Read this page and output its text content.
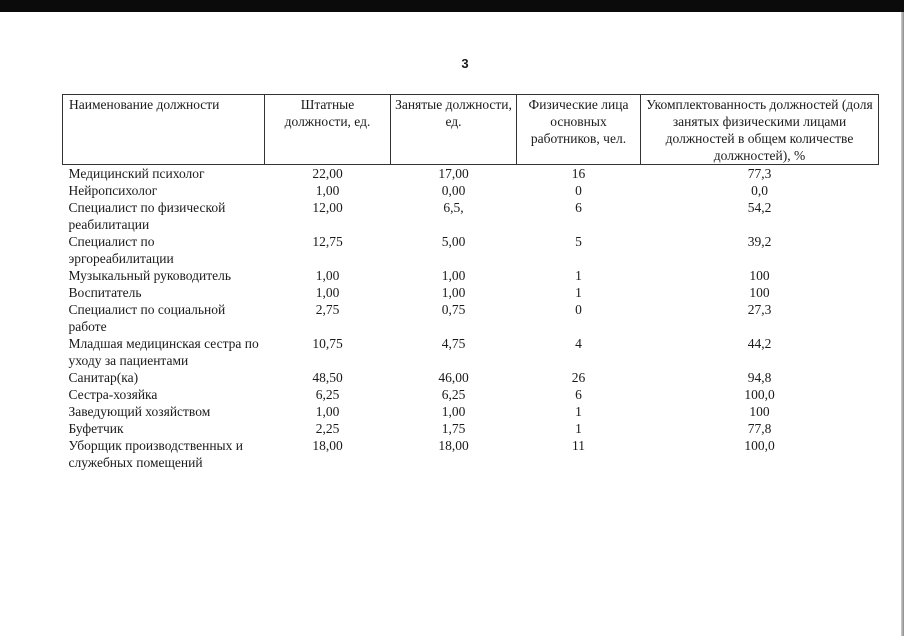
3
Наименование должности	Штатные должности, ед.	Занятые должности, ед.	Физические лица основных работников, чел.	Укомплектованность должностей (доля занятых физическими лицами должностей в общем количестве должностей), %
Медицинский психолог	22,00	17,00	16	77,3
Нейропсихолог	1,00	0,00	0	0,0
Специалист по физической реабилитации	12,00	6,5,	6	54,2
Специалист по эргореабилитации	12,75	5,00	5	39,2
Музыкальный руководитель	1,00	1,00	1	100
Воспитатель	1,00	1,00	1	100
Специалист по социальной работе	2,75	0,75	0	27,3
Младшая медицинская сестра по уходу за пациентами	10,75	4,75	4	44,2
Санитар(ка)	48,50	46,00	26	94,8
Сестра-хозяйка	6,25	6,25	6	100,0
Заведующий хозяйством	1,00	1,00	1	100
Буфетчик	2,25	1,75	1	77,8
Уборщик производственных и служебных помещений	18,00	18,00	11	100,0
